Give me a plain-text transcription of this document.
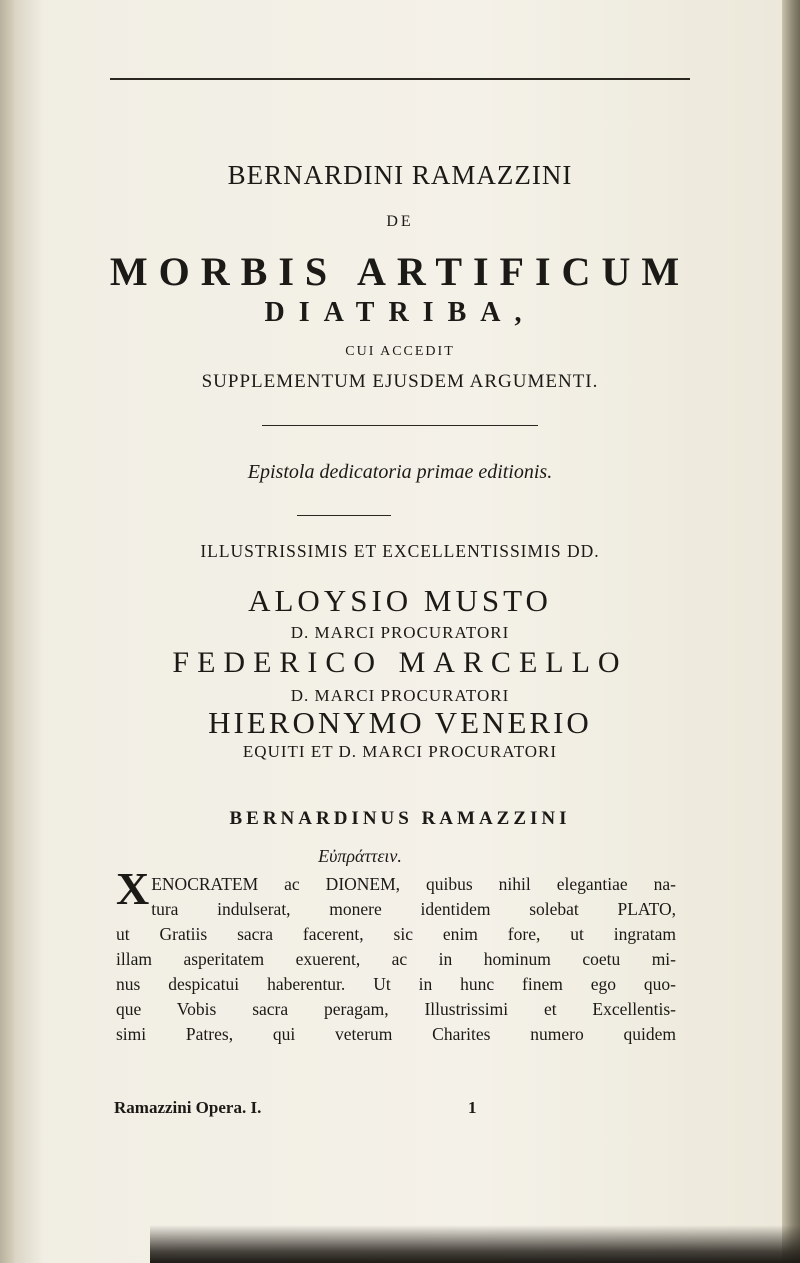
BERNARDINI RAMAZZINI
DE
MORBIS ARTIFICUM
DIATRIBA,
CUI ACCEDIT
SUPPLEMENTUM EJUSDEM ARGUMENTI.
Epistola dedicatoria primae editionis.
ILLUSTRISSIMIS ET EXCELLENTISSIMIS DD.
ALOYSIO MUSTO
D. MARCI PROCURATORI
FEDERICO MARCELLO
D. MARCI PROCURATORI
HIERONYMO VENERIO
EQUITI ET D. MARCI PROCURATORI
BERNARDINUS RAMAZZINI
Εὐπράττειν.
X ENOCRATEM ac DIONEM, quibus nihil elegantiae na-
tura indulserat, monere identidem solebat PLATO,
ut Gratiis sacra facerent, sic enim fore, ut ingratam
illam asperitatem exuerent, ac in hominum coetu mi-
nus despicatui haberentur. Ut in hunc finem ego quo-
que Vobis sacra peragam, Illustrissimi et Excellentis-
simi Patres, qui veterum Charites numero quidem
Ramazzini Opera. I.	1
